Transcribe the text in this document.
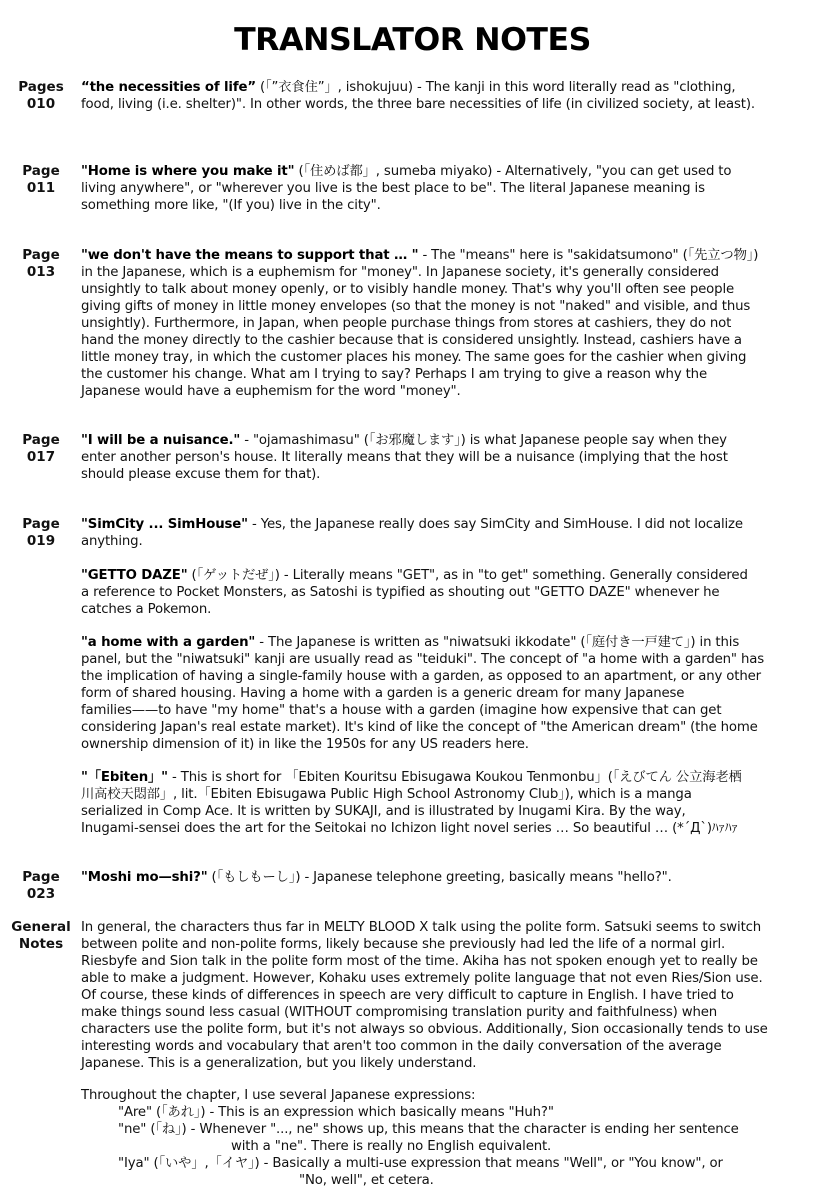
TRANSLATOR NOTES
Pages
010
“the necessities of life” (「”衣食住”」, ishokujuu) - The kanji in this word literally read as "clothing,
food, living (i.e. shelter)". In other words, the three bare necessities of life (in civilized society, at least).
Page
011
"Home is where you make it" (「住めば都」, sumeba miyako) - Alternatively, "you can get used to
living anywhere", or "wherever you live is the best place to be". The literal Japanese meaning is
something more like, "(If you) live in the city".
Page
013
"we don't have the means to support that … " - The "means" here is "sakidatsumono" (「先立つ物」)
in the Japanese, which is a euphemism for "money". In Japanese society, it's generally considered
unsightly to talk about money openly, or to visibly handle money. That's why you'll often see people
giving gifts of money in little money envelopes (so that the money is not "naked" and visible, and thus
unsightly). Furthermore, in Japan, when people purchase things from stores at cashiers, they do not
hand the money directly to the cashier because that is considered unsightly. Instead, cashiers have a
little money tray, in which the customer places his money. The same goes for the cashier when giving
the customer his change. What am I trying to say? Perhaps I am trying to give a reason why the
Japanese would have a euphemism for the word "money".
Page
017
"I will be a nuisance." - "ojamashimasu" (「お邪魔します」) is what Japanese people say when they
enter another person's house. It literally means that they will be a nuisance (implying that the host
should please excuse them for that).
Page
019
"SimCity ... SimHouse" - Yes, the Japanese really does say SimCity and SimHouse. I did not localize
anything.
"GETTO DAZE" (「ゲットだぜ」) - Literally means "GET", as in "to get" something. Generally considered
a reference to Pocket Monsters, as Satoshi is typified as shouting out "GETTO DAZE" whenever he
catches a Pokemon.
"a home with a garden" - The Japanese is written as "niwatsuki ikkodate" (「庭付き一戸建て」) in this
panel, but the "niwatsuki" kanji are usually read as "teiduki". The concept of "a home with a garden" has
the implication of having a single-family house with a garden, as opposed to an apartment, or any other
form of shared housing. Having a home with a garden is a generic dream for many Japanese
families——to have "my home" that's a house with a garden (imagine how expensive that can get
considering Japan's real estate market). It's kind of like the concept of "the American dream" (the home
ownership dimension of it) in like the 1950s for any US readers here.
"「Ebiten」" - This is short for 「Ebiten Kouritsu Ebisugawa Koukou Tenmonbu」(「えびてん 公立海老栖
川高校天悶部」, lit.「Ebiten Ebisugawa Public High School Astronomy Club」), which is a manga
serialized in Comp Ace. It is written by SUKAJI, and is illustrated by Inugami Kira. By the way,
Inugami-sensei does the art for the Seitokai no Ichizon light novel series … So beautiful … (*´Д`)ﾊｧﾊｧ
Page
023
"Moshi mo—shi?" (「もしもーし」) - Japanese telephone greeting, basically means "hello?".
General
Notes
In general, the characters thus far in MELTY BLOOD X talk using the polite form. Satsuki seems to switch
between polite and non-polite forms, likely because she previously had led the life of a normal girl.
Riesbyfe and Sion talk in the polite form most of the time. Akiha has not spoken enough yet to really be
able to make a judgment. However, Kohaku uses extremely polite language that not even Ries/Sion use.
Of course, these kinds of differences in speech are very difficult to capture in English. I have tried to
make things sound less casual (WITHOUT compromising translation purity and faithfulness) when
characters use the polite form, but it's not always so obvious. Additionally, Sion occasionally tends to use
interesting words and vocabulary that aren't too common in the daily conversation of the average
Japanese. This is a generalization, but you likely understand.
Throughout the chapter, I use several Japanese expressions:
"Are" (「あれ」) - This is an expression which basically means "Huh?"
"ne" (「ね」) - Whenever "..., ne" shows up, this means that the character is ending her sentence
with a "ne". There is really no English equivalent.
"Iya" (「いや」,「イヤ」) - Basically a multi-use expression that means "Well", or "You know", or
"No, well", et cetera.
